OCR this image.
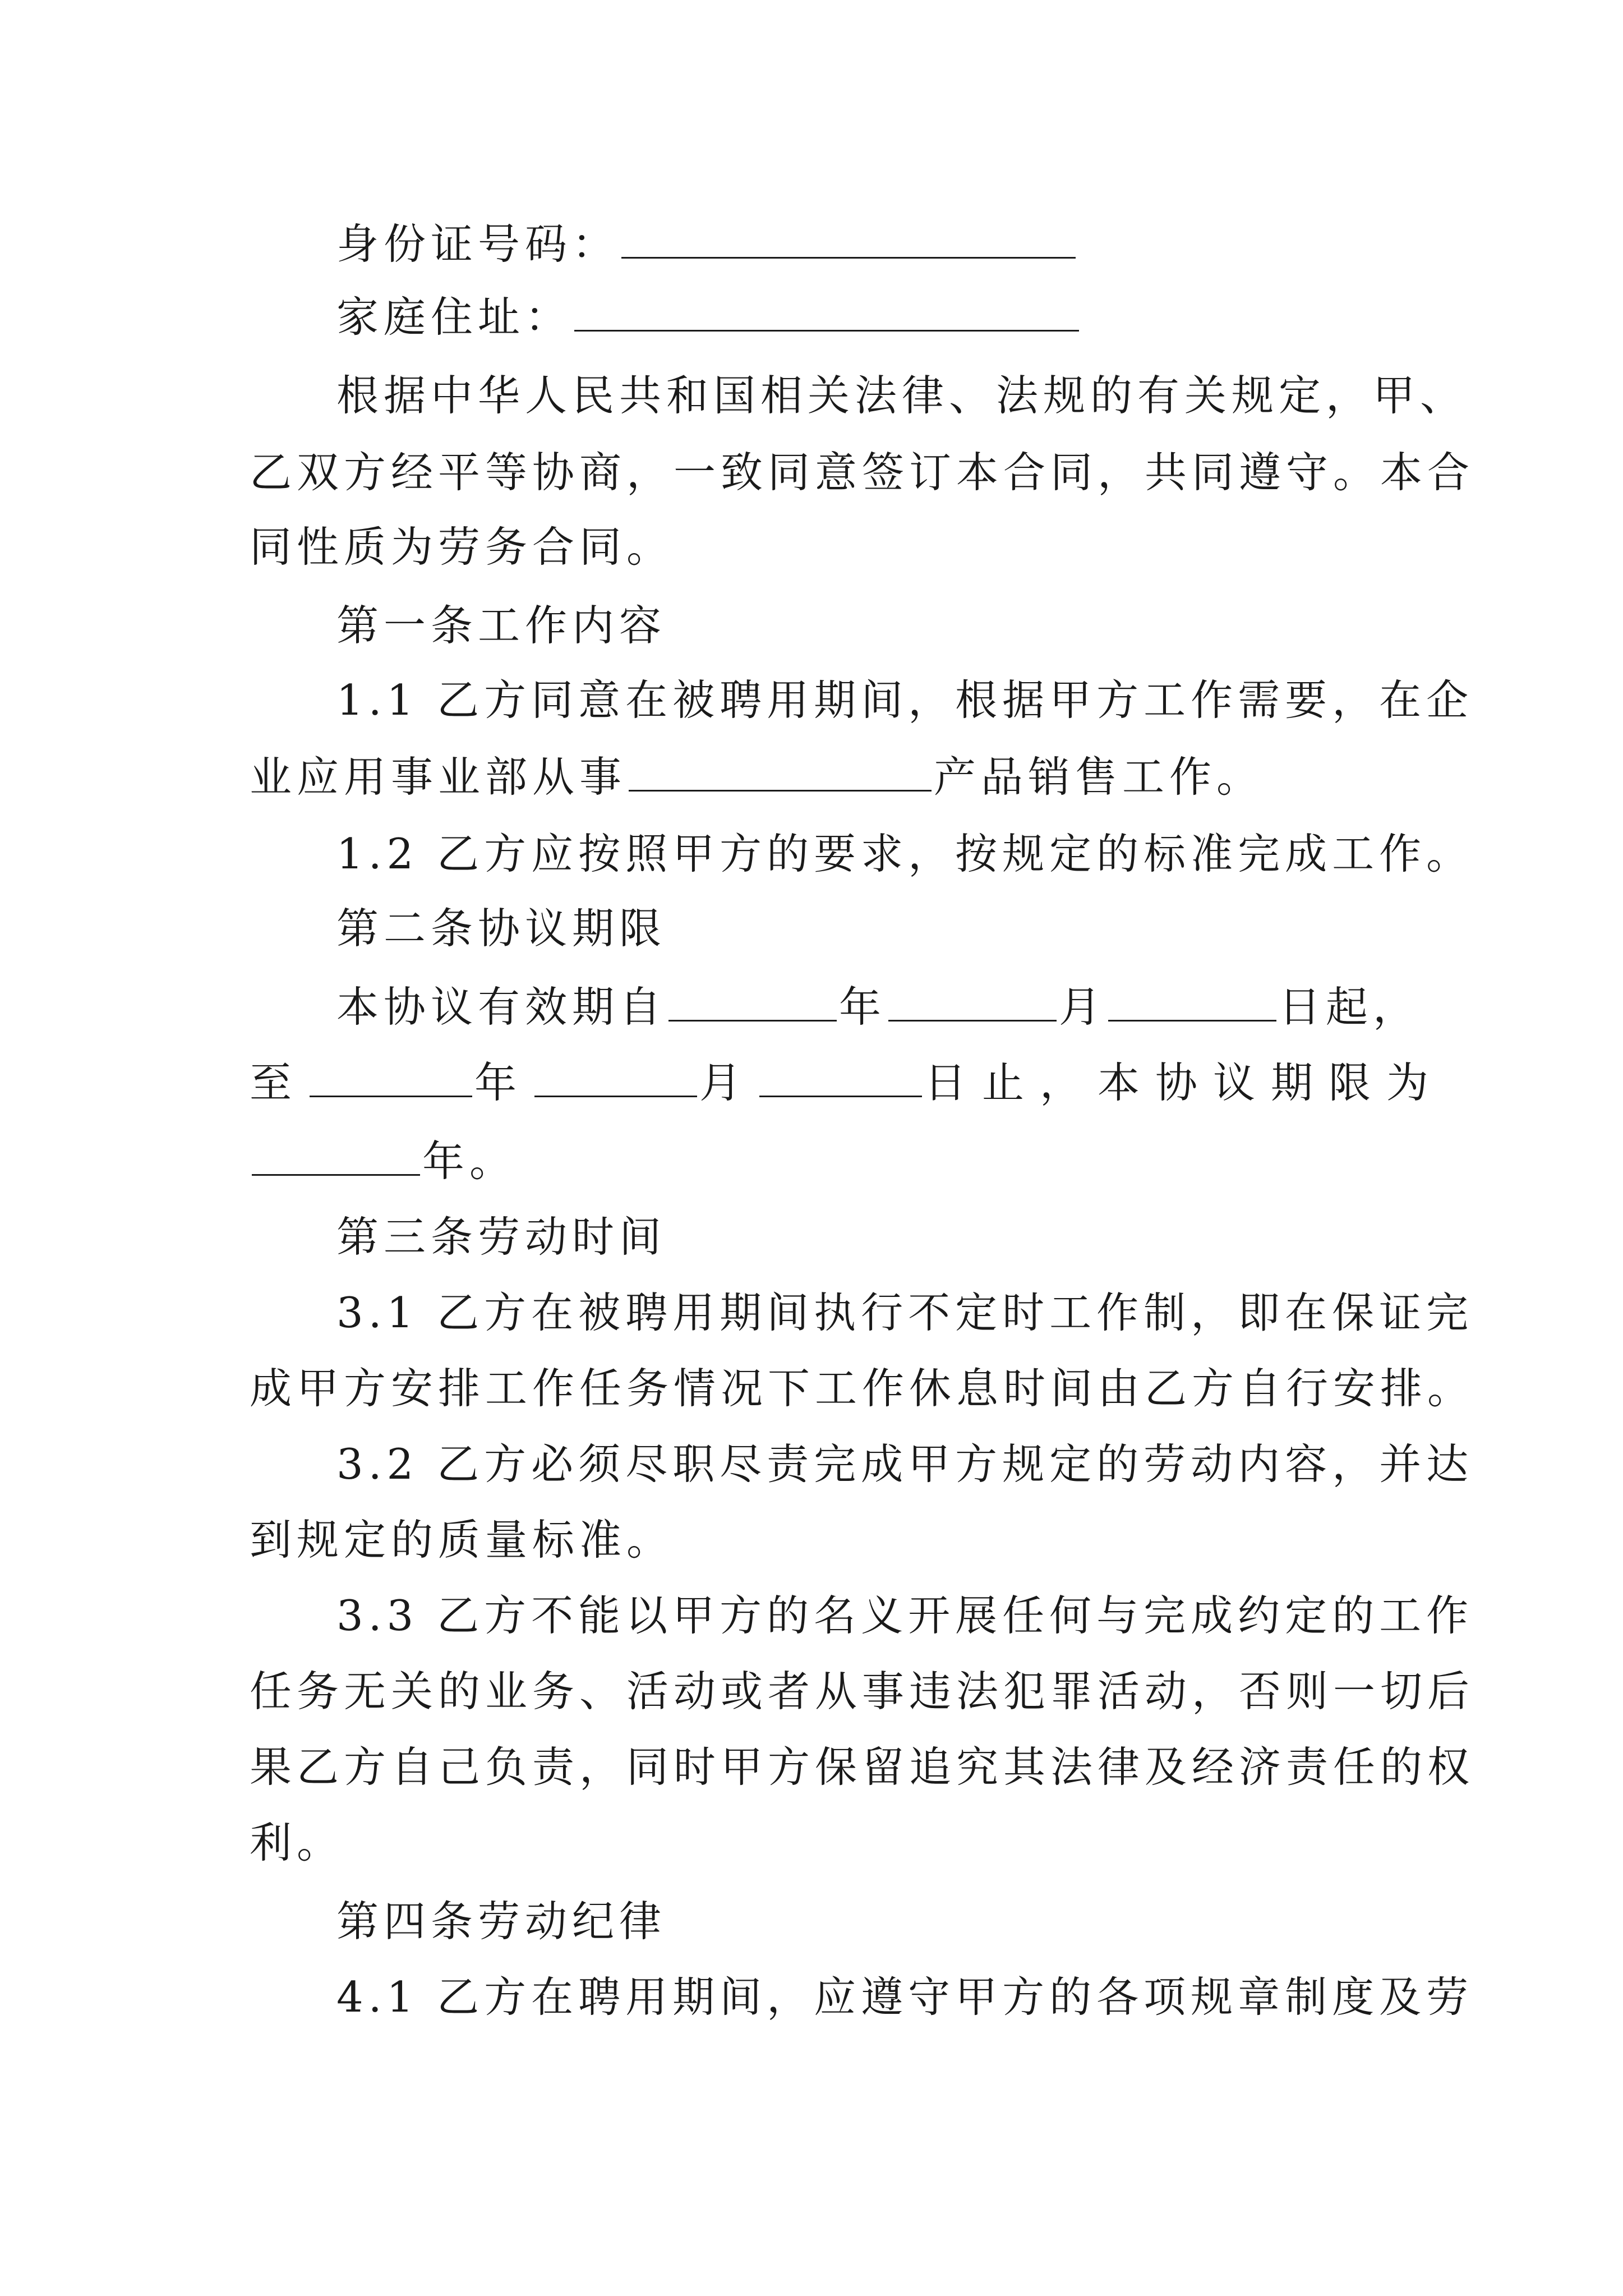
身份证号码：
家庭住址：
根据中华人民共和国相关法律、法规的有关规定，甲、
乙双方经平等协商，一致同意签订本合同，共同遵守。本合
同性质为劳务合同。
第一条工作内容
1.1 乙方同意在被聘用期间，根据甲方工作需要，在企
业应用事业部从事	产品销售工作。
1.2 乙方应按照甲方的要求，按规定的标准完成工作。
第二条协议期限
本协议有效期自	年	月	日起，
至	年	月	日止，本协议期限为
年。
第三条劳动时间
3.1 乙方在被聘用期间执行不定时工作制，即在保证完
成甲方安排工作任务情况下工作休息时间由乙方自行安排。
3.2 乙方必须尽职尽责完成甲方规定的劳动内容，并达
到规定的质量标准。
3.3 乙方不能以甲方的名义开展任何与完成约定的工作
任务无关的业务、活动或者从事违法犯罪活动，否则一切后
果乙方自己负责，同时甲方保留追究其法律及经济责任的权
利。
第四条劳动纪律
4.1 乙方在聘用期间，应遵守甲方的各项规章制度及劳
